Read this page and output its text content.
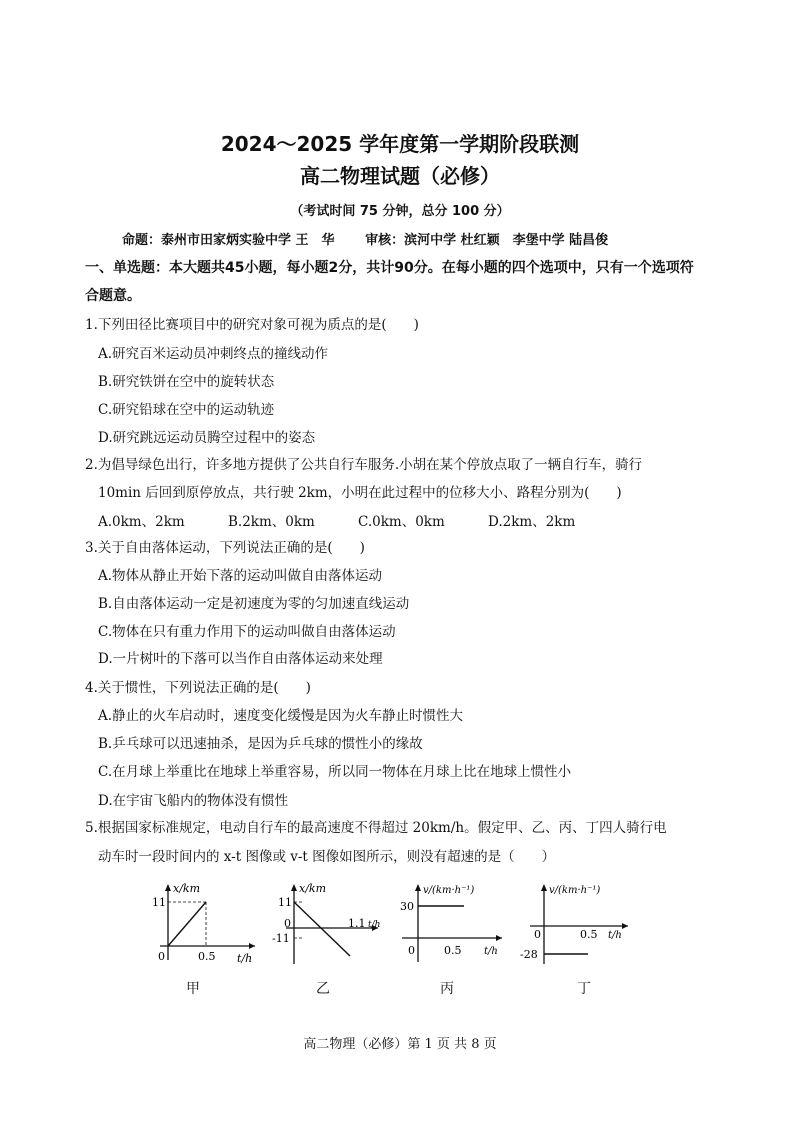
2024～2025 学年度第一学期阶段联测
高二物理试题（必修）
（考试时间 75 分钟，总分 100 分）
命题：泰州市田家炳实验中学 王　华　　 审核：滨河中学 杜红颖　李堡中学 陆昌俊
一、单选题：本大题共45小题，每小题2分，共计90分。在每小题的四个选项中，只有一个选项符
合题意。
1.下列田径比赛项目中的研究对象可视为质点的是(　　)
A.研究百米运动员冲刺终点的撞线动作
B.研究铁饼在空中的旋转状态
C.研究铅球在空中的运动轨迹
D.研究跳远运动员腾空过程中的姿态
2.为倡导绿色出行，许多地方提供了公共自行车服务.小胡在某个停放点取了一辆自行车，骑行
10min 后回到原停放点，共行驶 2km，小明在此过程中的位移大小、路程分别为(　　)
A.0km、2km	B.2km、0km	C.0km、0km	D.2km、2km
3.关于自由落体运动，下列说法正确的是(　　)
A.物体从静止开始下落的运动叫做自由落体运动
B.自由落体运动一定是初速度为零的匀加速直线运动
C.物体在只有重力作用下的运动叫做自由落体运动
D.一片树叶的下落可以当作自由落体运动来处理
4.关于惯性，下列说法正确的是(　　)
A.静止的火车启动时，速度变化缓慢是因为火车静止时惯性大
B.乒乓球可以迅速抽杀，是因为乒乓球的惯性小的缘故
C.在月球上举重比在地球上举重容易，所以同一物体在月球上比在地球上惯性小
D.在宇宙飞船内的物体没有惯性
5.根据国家标准规定，电动自行车的最高速度不得超过 20km/h。假定甲、乙、丙、丁四人骑行电
动车时一段时间内的 x-t 图像或 v-t 图像如图所示，则没有超速的是（　　）
x/km
11
0	0.5 t/h
甲
x/km
11
-11
0	1.1 t/h
乙
v/(km·h⁻¹)
30
0	0.5 t/h
丙
v/(km·h⁻¹)
-28
0	0.5 t/h
丁
高二物理（必修）第 1 页 共 8 页
